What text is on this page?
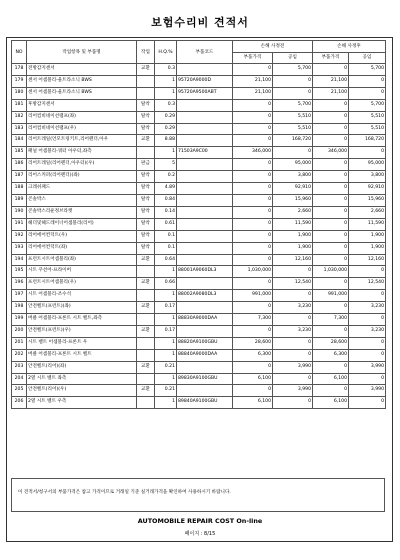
보험수리비 견적서
NO	작업항목 및 부품명	작업	H.Q.%	부품코드	손해 사정전		손해 사정후	
					부품가격	공임	부품가격	공임
178	전방감지센서	교환	0.3		0	5,700	0	5,700
179	센서 어셈블리-울트라소닉 BWS		1	95720A9000D	21,100	0	21,100	0
180	센서 어셈블리-울트라소닉 BWS		1	95720A9500ABT	21,100	0	21,100	0
181	후방감지센서	탈착	0.3		0	5,700	0	5,700
182	리어컴비네이션램프(좌)	탈착	0.29		0	5,510	0	5,510
183	리어컴비네이션램프(우)	탈착	0.29		0	5,510	0	5,510
184	리어트레일(언모트링키트,리어펜더,아우	교환	8.88		0	168,720	0	168,720
185	패널 어셈블리-쿼터 아우터,좌측		1	71503A9C00	346,000	0	346,000	0
186	리어트레일(리어펜더,아우터)(우)	판금	5		0	95,000	0	95,000
187	리어스커퍼(리어펜더)(좌)	탈착	0.2		0	3,800	0	3,800
188	크레쉬패드	탈착	4.89		0	92,910	0	92,910
189	콘솔박스	탈착	0.84		0	15,960	0	15,960
190	콘솔박스리운정브라켓	탈착	0.14		0	2,660	0	2,660
191	헤더및헤드레이너어셈블리(리어)	탈착	0.61		0	11,590	0	11,590
192	리어에어컨덕트(우)	탈착	0.1		0	1,900	0	1,900
193	리어에어컨덕트(좌)	탈착	0.1		0	1,900	0	1,900
194	프런트시트어셈블리(좌)	교환	0.64		0	12,160	0	12,160
195	시트 쿠션어-프라이버		1	88001A9060DL3	1,030,000	0	1,030,000	0
196	프런트시트어셈블리(우)	교환	0.66		0	12,540	0	12,540
197	시트 어셈블리-조수석		1	88002A9080DL3	991,000	0	991,000	0
198	안전벨트(프런트)(좌)	교환	0.17		0	3,230	0	3,230
199	버클 어셈블리-프론트 시트 벨트,좌측		1	88830A9000DAA	7,300	0	7,300	0
200	안전벨트(프런트)(우)	교환	0.17		0	3,230	0	3,230
201	시트 벨트 어셈블리-프론트 우		1	88820A9100GBU	28,600	0	28,600	0
202	버클 어셈블리-프론트 시트 벨트		1	88840A9000DAA	6,300	0	6,300	0
203	안전벨트(리어)(좌)	교환	0.21		0	3,990	0	3,990
204	2열 시트 벨트 좌측		1	89830A9100GBU	6,100	0	6,100	0
205	안전벨트(리어)(우)	교환	0.21		0	3,990	0	3,990
206	2열 시트 벨트 우측		1	89840A9100GBU	6,100	0	6,100	0
이 견적서/청구서의 부품가격은 참고 가격이므로 거래일 기준 실거래가격을 확인하여 사용하시기 바랍니다.
AUTOMOBILE REPAIR COST On-line
페이지 : 8/15
